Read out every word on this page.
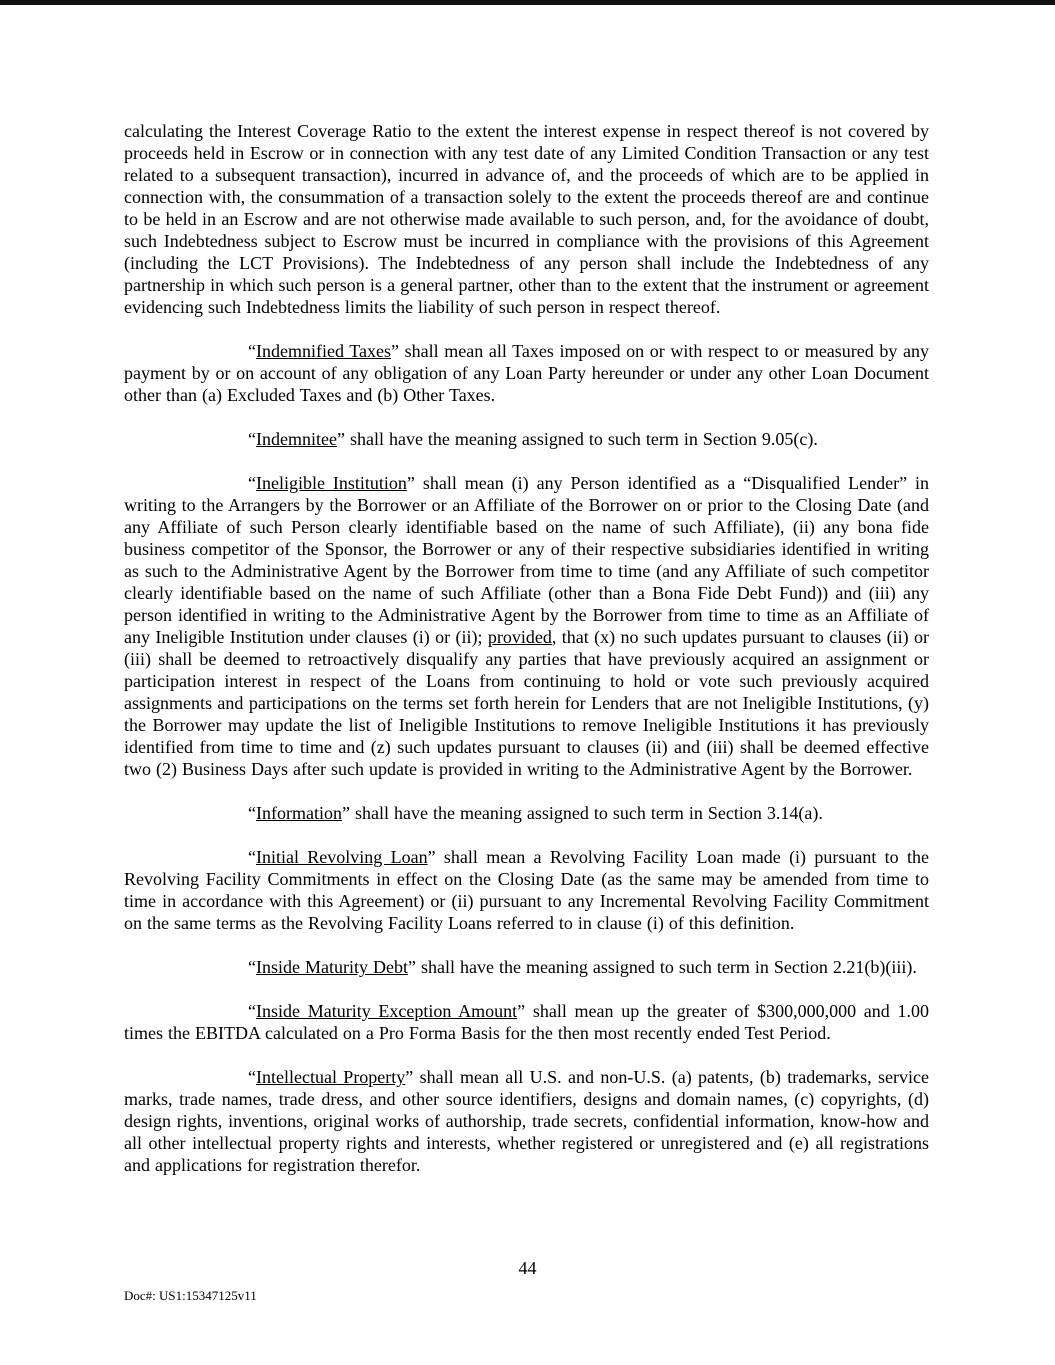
calculating the Interest Coverage Ratio to the extent the interest expense in respect thereof is not covered by proceeds held in Escrow or in connection with any test date of any Limited Condition Transaction or any test related to a subsequent transaction), incurred in advance of, and the proceeds of which are to be applied in connection with, the consummation of a transaction solely to the extent the proceeds thereof are and continue to be held in an Escrow and are not otherwise made available to such person, and, for the avoidance of doubt, such Indebtedness subject to Escrow must be incurred in compliance with the provisions of this Agreement (including the LCT Provisions). The Indebtedness of any person shall include the Indebtedness of any partnership in which such person is a general partner, other than to the extent that the instrument or agreement evidencing such Indebtedness limits the liability of such person in respect thereof.

“Indemnified Taxes” shall mean all Taxes imposed on or with respect to or measured by any payment by or on account of any obligation of any Loan Party hereunder or under any other Loan Document other than (a) Excluded Taxes and (b) Other Taxes.

“Indemnitee” shall have the meaning assigned to such term in Section 9.05(c).

“Ineligible Institution” shall mean (i) any Person identified as a “Disqualified Lender” in writing to the Arrangers by the Borrower or an Affiliate of the Borrower on or prior to the Closing Date (and any Affiliate of such Person clearly identifiable based on the name of such Affiliate), (ii) any bona fide business competitor of the Sponsor, the Borrower or any of their respective subsidiaries identified in writing as such to the Administrative Agent by the Borrower from time to time (and any Affiliate of such competitor clearly identifiable based on the name of such Affiliate (other than a Bona Fide Debt Fund)) and (iii) any person identified in writing to the Administrative Agent by the Borrower from time to time as an Affiliate of any Ineligible Institution under clauses (i) or (ii); provided, that (x) no such updates pursuant to clauses (ii) or (iii) shall be deemed to retroactively disqualify any parties that have previously acquired an assignment or participation interest in respect of the Loans from continuing to hold or vote such previously acquired assignments and participations on the terms set forth herein for Lenders that are not Ineligible Institutions, (y) the Borrower may update the list of Ineligible Institutions to remove Ineligible Institutions it has previously identified from time to time and (z) such updates pursuant to clauses (ii) and (iii) shall be deemed effective two (2) Business Days after such update is provided in writing to the Administrative Agent by the Borrower.

“Information” shall have the meaning assigned to such term in Section 3.14(a).

“Initial Revolving Loan” shall mean a Revolving Facility Loan made (i) pursuant to the Revolving Facility Commitments in effect on the Closing Date (as the same may be amended from time to time in accordance with this Agreement) or (ii) pursuant to any Incremental Revolving Facility Commitment on the same terms as the Revolving Facility Loans referred to in clause (i) of this definition.

“Inside Maturity Debt” shall have the meaning assigned to such term in Section 2.21(b)(iii).

“Inside Maturity Exception Amount” shall mean up the greater of $300,000,000 and 1.00 times the EBITDA calculated on a Pro Forma Basis for the then most recently ended Test Period.

“Intellectual Property” shall mean all U.S. and non-U.S. (a) patents, (b) trademarks, service marks, trade names, trade dress, and other source identifiers, designs and domain names, (c) copyrights, (d) design rights, inventions, original works of authorship, trade secrets, confidential information, know-how and all other intellectual property rights and interests, whether registered or unregistered and (e) all registrations and applications for registration therefor.

44
Doc#: US1:15347125v11
